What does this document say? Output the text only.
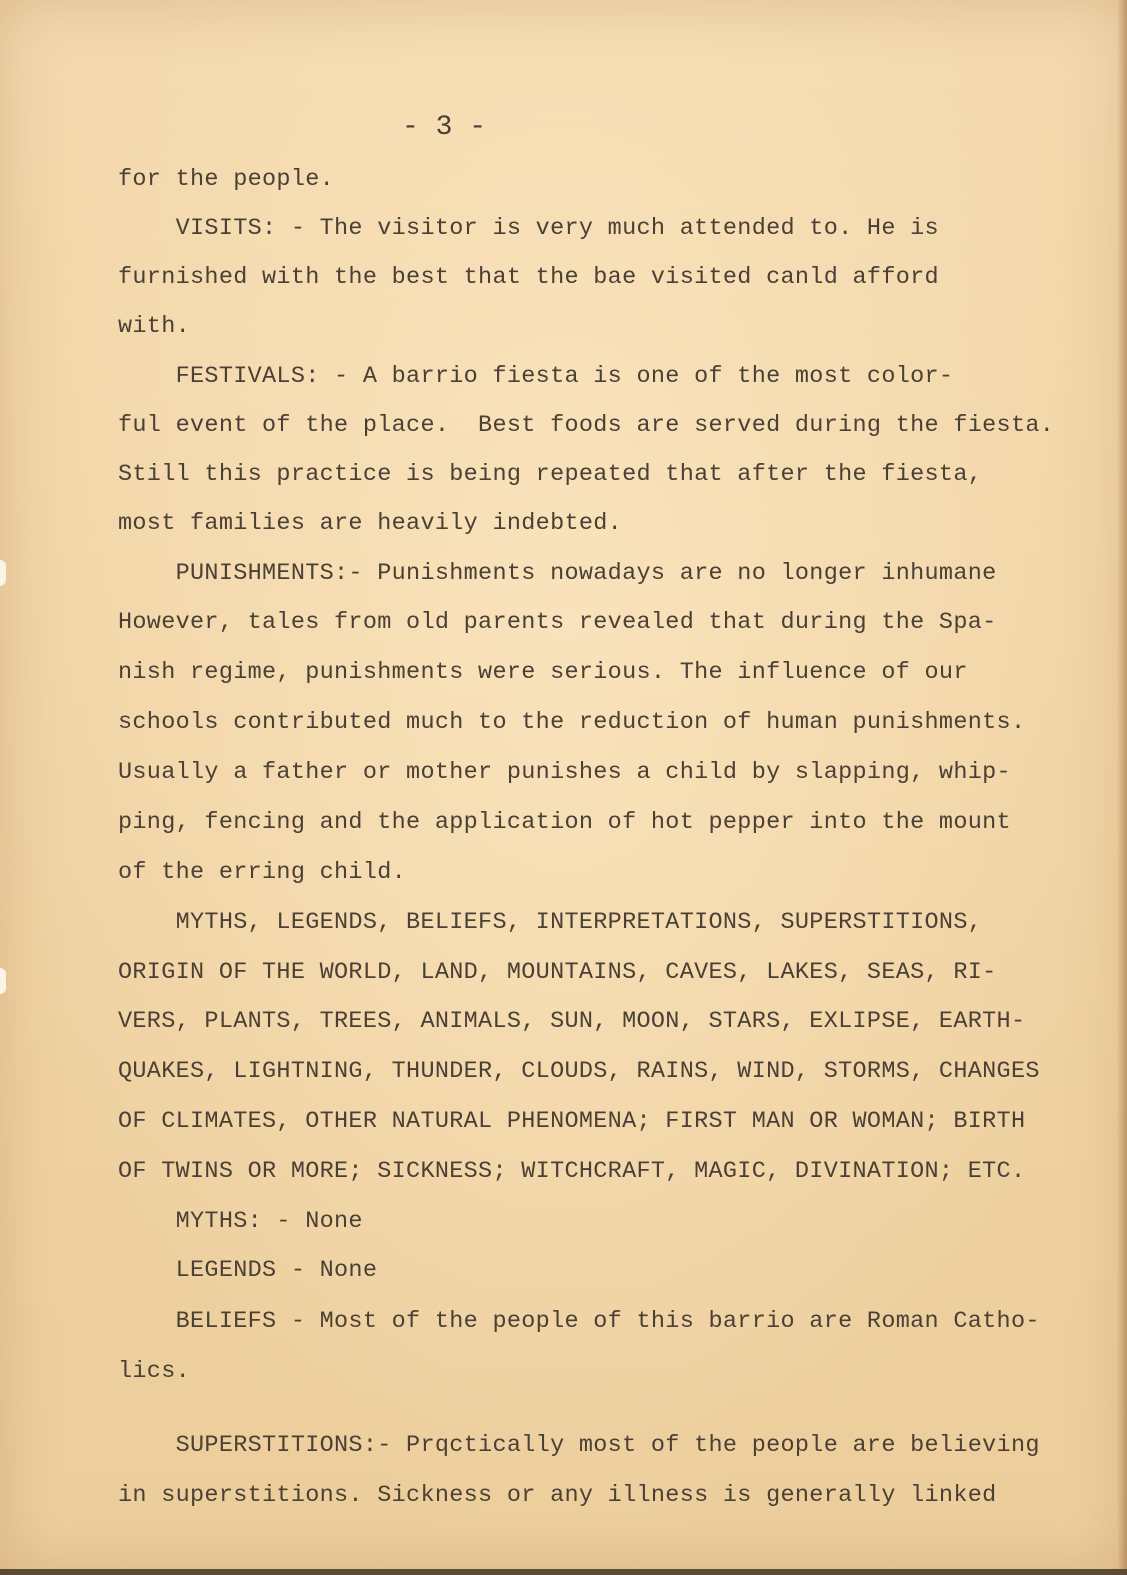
- 3 -

for the people.

VISITS: - The visitor is very much attended to. He is

furnished with the best that the bae visited canld afford

with.

FESTIVALS: - A barrio fiesta is one of the most color-

ful event of the place.  Best foods are served during the fiesta.

Still this practice is being repeated that after the fiesta,

most families are heavily indebted.

PUNISHMENTS:- Punishments nowadays are no longer inhumane

However, tales from old parents revealed that during the Spa-

nish regime, punishments were serious. The influence of our

schools contributed much to the reduction of human punishments.

Usually a father or mother punishes a child by slapping, whip-

ping, fencing and the application of hot pepper into the mount

of the erring child.

MYTHS, LEGENDS, BELIEFS, INTERPRETATIONS, SUPERSTITIONS,

ORIGIN OF THE WORLD, LAND, MOUNTAINS, CAVES, LAKES, SEAS, RI-

VERS, PLANTS, TREES, ANIMALS, SUN, MOON, STARS, EXLIPSE, EARTH-

QUAKES, LIGHTNING, THUNDER, CLOUDS, RAINS, WIND, STORMS, CHANGES

OF CLIMATES, OTHER NATURAL PHENOMENA; FIRST MAN OR WOMAN; BIRTH

OF TWINS OR MORE; SICKNESS; WITCHCRAFT, MAGIC, DIVINATION; ETC.

MYTHS: - None

LEGENDS - None

BELIEFS - Most of the people of this barrio are Roman Catho-

lics.

SUPERSTITIONS:- Prqctically most of the people are believing

in superstitions. Sickness or any illness is generally linked
